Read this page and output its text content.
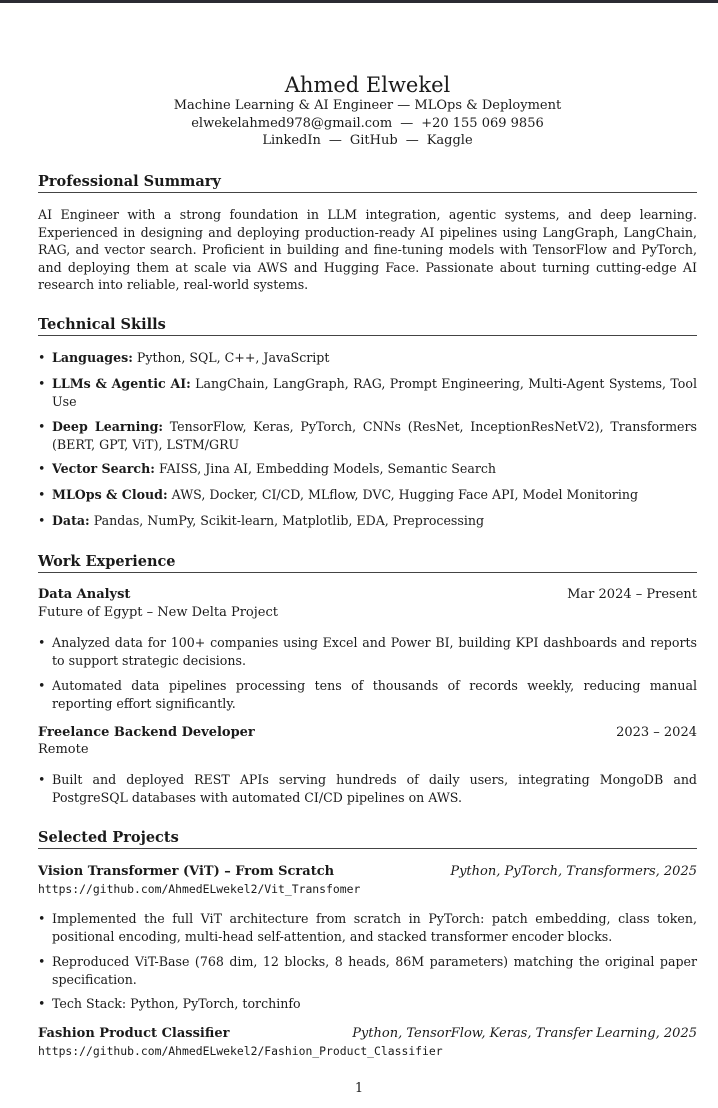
Ahmed Elwekel
Machine Learning & AI Engineer — MLOps & Deployment
elwekelahmed978@gmail.com — +20 155 069 9856
LinkedIn — GitHub — Kaggle
Professional Summary
AI Engineer with a strong foundation in LLM integration, agentic systems, and deep learning. Experienced in designing and deploying production-ready AI pipelines using LangGraph, LangChain, RAG, and vector search. Proficient in building and fine-tuning models with TensorFlow and PyTorch, and deploying them at scale via AWS and Hugging Face. Passionate about turning cutting-edge AI research into reliable, real-world systems.
Technical Skills
• Languages: Python, SQL, C++, JavaScript
• LLMs & Agentic AI: LangChain, LangGraph, RAG, Prompt Engineering, Multi-Agent Systems, Tool Use
• Deep Learning: TensorFlow, Keras, PyTorch, CNNs (ResNet, InceptionResNetV2), Transformers (BERT, GPT, ViT), LSTM/GRU
• Vector Search: FAISS, Jina AI, Embedding Models, Semantic Search
• MLOps & Cloud: AWS, Docker, CI/CD, MLflow, DVC, Hugging Face API, Model Monitoring
• Data: Pandas, NumPy, Scikit-learn, Matplotlib, EDA, Preprocessing
Work Experience
Data Analyst	Mar 2024 – Present
Future of Egypt – New Delta Project
• Analyzed data for 100+ companies using Excel and Power BI, building KPI dashboards and reports to support strategic decisions.
• Automated data pipelines processing tens of thousands of records weekly, reducing manual reporting effort significantly.
Freelance Backend Developer	2023 – 2024
Remote
• Built and deployed REST APIs serving hundreds of daily users, integrating MongoDB and PostgreSQL databases with automated CI/CD pipelines on AWS.
Selected Projects
Vision Transformer (ViT) – From Scratch	Python, PyTorch, Transformers, 2025
https://github.com/AhmedELwekel2/Vit_Transfomer
• Implemented the full ViT architecture from scratch in PyTorch: patch embedding, class token, positional encoding, multi-head self-attention, and stacked transformer encoder blocks.
• Reproduced ViT-Base (768 dim, 12 blocks, 8 heads, 86M parameters) matching the original paper specification.
• Tech Stack: Python, PyTorch, torchinfo
Fashion Product Classifier	Python, TensorFlow, Keras, Transfer Learning, 2025
https://github.com/AhmedELwekel2/Fashion_Product_Classifier
1
